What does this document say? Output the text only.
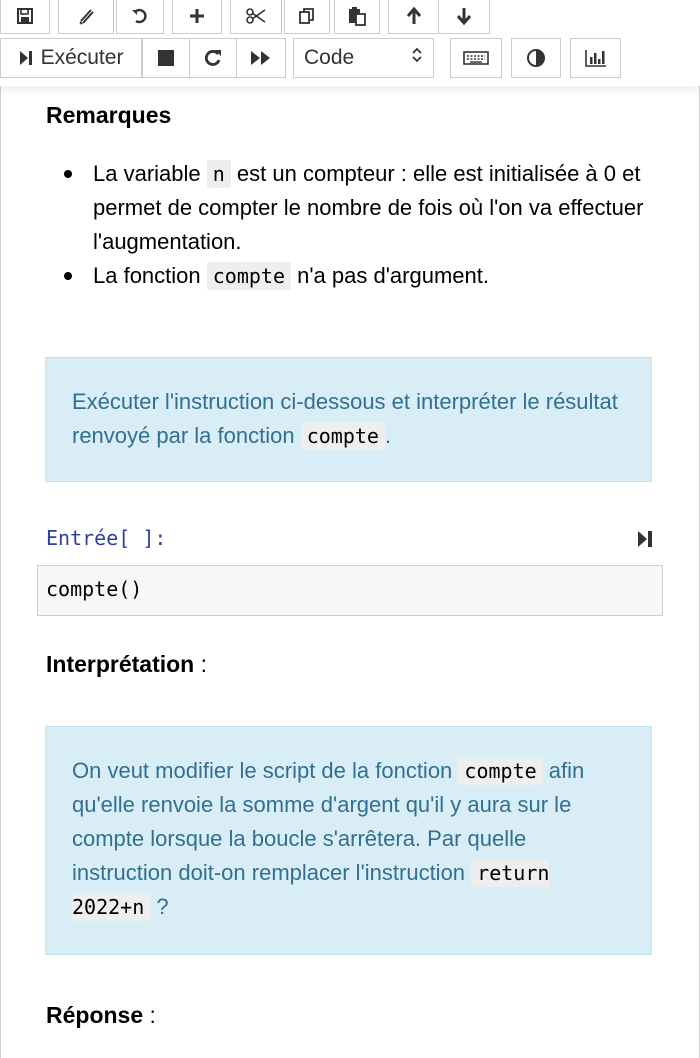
Exécuter	Code
Remarques
La variable n est un compteur : elle est initialisée à 0 et permet de compter le nombre de fois où l'on va effectuer l'augmentation.
La fonction compte n'a pas d'argument.
Exécuter l'instruction ci-dessous et interpréter le résultat renvoyé par la fonction compte .
Entrée[ ]:
compte()
Interprétation :
On veut modifier le script de la fonction compte afin qu'elle renvoie la somme d'argent qu'il y aura sur le compte lorsque la boucle s'arrêtera. Par quelle instruction doit-on remplacer l'instruction return 2022+n ?
Réponse :
